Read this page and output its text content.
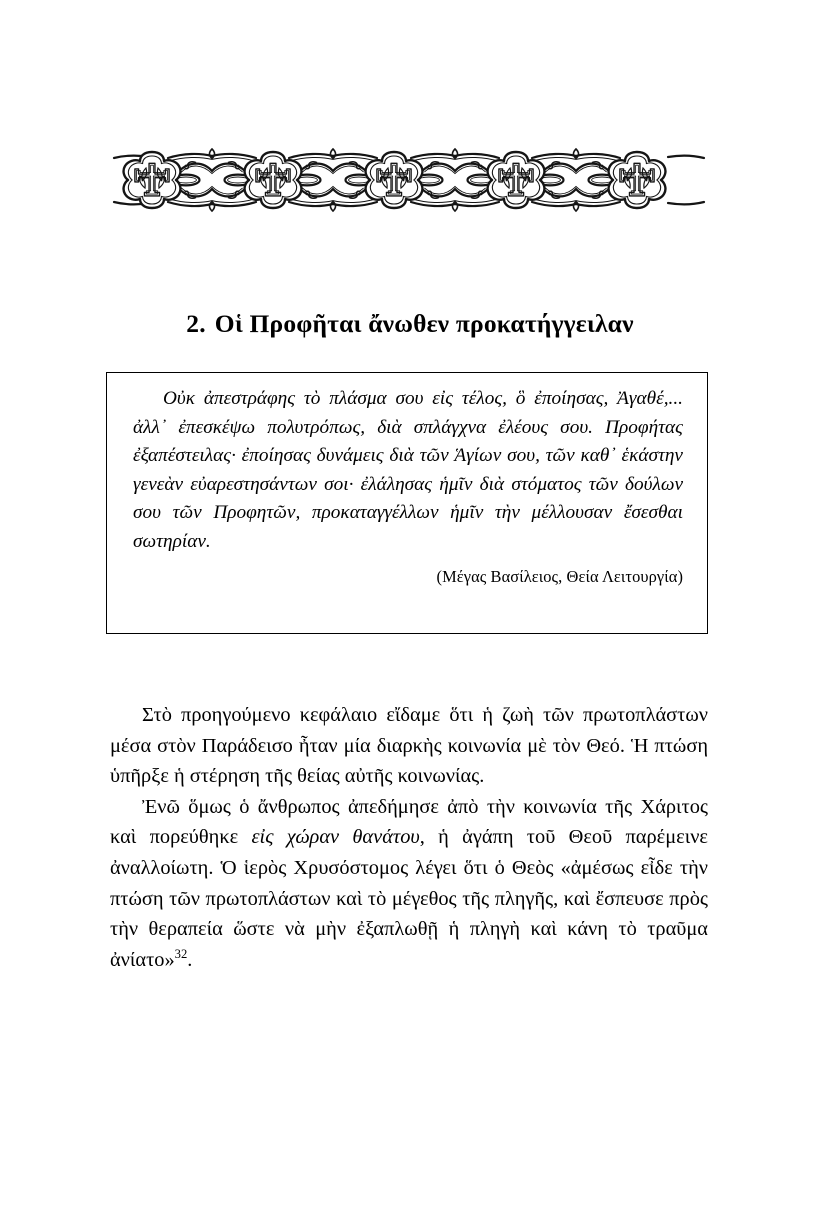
2. Οἱ Προφῆται ἄνωθεν προκατήγγειλαν

Οὐκ ἀπεστράφης τὸ πλάσμα σου εἰς τέλος, ὃ ἐποίησας, Ἀγαθέ,... ἀλλ᾽ ἐπεσκέψω πολυτρόπως, διὰ σπλάγχνα ἐλέους σου. Προφήτας ἐξαπέστειλας· ἐποίησας δυνάμεις διὰ τῶν Ἁγίων σου, τῶν καθ᾽ ἑκάστην γενεὰν εὐαρεστησάντων σοι· ἐλάλησας ἡμῖν διὰ στόματος τῶν δούλων σου τῶν Προφητῶν, προκαταγγέλλων ἡμῖν τὴν μέλλουσαν ἔσεσθαι σωτηρίαν.

(Μέγας Βασίλειος, Θεία Λειτουργία)

Στὸ προηγούμενο κεφάλαιο εἴδαμε ὅτι ἡ ζωὴ τῶν πρωτοπλάστων μέσα στὸν Παράδεισο ἦταν μία διαρκὴς κοινωνία μὲ τὸν Θεό. Ἡ πτώση ὑπῆρξε ἡ στέρηση τῆς θείας αὐτῆς κοινωνίας.

Ἐνῶ ὅμως ὁ ἄνθρωπος ἀπεδήμησε ἀπὸ τὴν κοινωνία τῆς Χάριτος καὶ πορεύθηκε εἰς χώραν θανάτου, ἡ ἀγάπη τοῦ Θεοῦ παρέμεινε ἀναλλοίωτη. Ὁ ἱερὸς Χρυσόστομος λέγει ὅτι ὁ Θεὸς «ἀμέσως εἶδε τὴν πτώση τῶν πρωτοπλάστων καὶ τὸ μέγεθος τῆς πληγῆς, καὶ ἔσπευσε πρὸς τὴν θεραπεία ὥστε νὰ μὴν ἐξαπλωθῇ ἡ πληγὴ καὶ κάνη τὸ τραῦμα ἀνίατο»$^{32}$.
